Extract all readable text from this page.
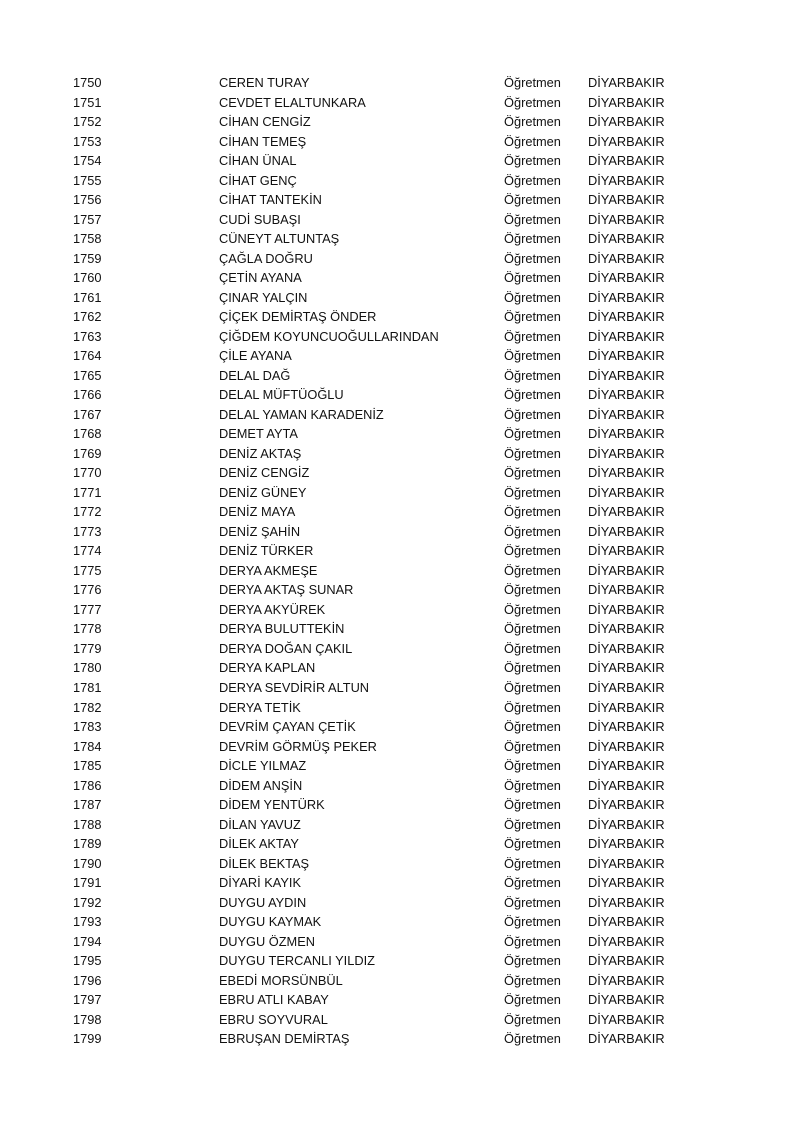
1750	CEREN TURAY	Öğretmen DİYARBAKIR
1751	CEVDET ELALTUNKARA	Öğretmen DİYARBAKIR
1752	CİHAN CENGİZ	Öğretmen DİYARBAKIR
1753	CİHAN TEMEŞ	Öğretmen DİYARBAKIR
1754	CİHAN ÜNAL	Öğretmen DİYARBAKIR
1755	CİHAT GENÇ	Öğretmen DİYARBAKIR
1756	CİHAT TANTEKİN	Öğretmen DİYARBAKIR
1757	CUDİ SUBAŞI	Öğretmen DİYARBAKIR
1758	CÜNEYT ALTUNTAŞ	Öğretmen DİYARBAKIR
1759	ÇAĞLA DOĞRU	Öğretmen DİYARBAKIR
1760	ÇETİN AYANA	Öğretmen DİYARBAKIR
1761	ÇINAR YALÇIN	Öğretmen DİYARBAKIR
1762	ÇİÇEK DEMİRTAŞ ÖNDER	Öğretmen DİYARBAKIR
1763	ÇİĞDEM KOYUNCUOĞULLARINDAN	Öğretmen DİYARBAKIR
1764	ÇİLE AYANA	Öğretmen DİYARBAKIR
1765	DELAL DAĞ	Öğretmen DİYARBAKIR
1766	DELAL MÜFTÜOĞLU	Öğretmen DİYARBAKIR
1767	DELAL YAMAN KARADENİZ	Öğretmen DİYARBAKIR
1768	DEMET AYTA	Öğretmen DİYARBAKIR
1769	DENİZ AKTAŞ	Öğretmen DİYARBAKIR
1770	DENİZ CENGİZ	Öğretmen DİYARBAKIR
1771	DENİZ GÜNEY	Öğretmen DİYARBAKIR
1772	DENİZ MAYA	Öğretmen DİYARBAKIR
1773	DENİZ ŞAHİN	Öğretmen DİYARBAKIR
1774	DENİZ TÜRKER	Öğretmen DİYARBAKIR
1775	DERYA AKMEŞE	Öğretmen DİYARBAKIR
1776	DERYA AKTAŞ SUNAR	Öğretmen DİYARBAKIR
1777	DERYA AKYÜREK	Öğretmen DİYARBAKIR
1778	DERYA BULUTTEKİN	Öğretmen DİYARBAKIR
1779	DERYA DOĞAN ÇAKIL	Öğretmen DİYARBAKIR
1780	DERYA KAPLAN	Öğretmen DİYARBAKIR
1781	DERYA SEVDİRİR ALTUN	Öğretmen DİYARBAKIR
1782	DERYA TETİK	Öğretmen DİYARBAKIR
1783	DEVRİM ÇAYAN ÇETİK	Öğretmen DİYARBAKIR
1784	DEVRİM GÖRMÜŞ PEKER	Öğretmen DİYARBAKIR
1785	DİCLE YILMAZ	Öğretmen DİYARBAKIR
1786	DİDEM ANŞİN	Öğretmen DİYARBAKIR
1787	DİDEM YENTÜRK	Öğretmen DİYARBAKIR
1788	DİLAN YAVUZ	Öğretmen DİYARBAKIR
1789	DİLEK AKTAY	Öğretmen DİYARBAKIR
1790	DİLEK BEKTAŞ	Öğretmen DİYARBAKIR
1791	DİYARİ KAYIK	Öğretmen DİYARBAKIR
1792	DUYGU AYDIN	Öğretmen DİYARBAKIR
1793	DUYGU KAYMAK	Öğretmen DİYARBAKIR
1794	DUYGU ÖZMEN	Öğretmen DİYARBAKIR
1795	DUYGU TERCANLI YILDIZ	Öğretmen DİYARBAKIR
1796	EBEDİ MORSÜNBÜL	Öğretmen DİYARBAKIR
1797	EBRU ATLI KABAY	Öğretmen DİYARBAKIR
1798	EBRU SOYVURAL	Öğretmen DİYARBAKIR
1799	EBRUŞAN DEMİRTAŞ	Öğretmen DİYARBAKIR
